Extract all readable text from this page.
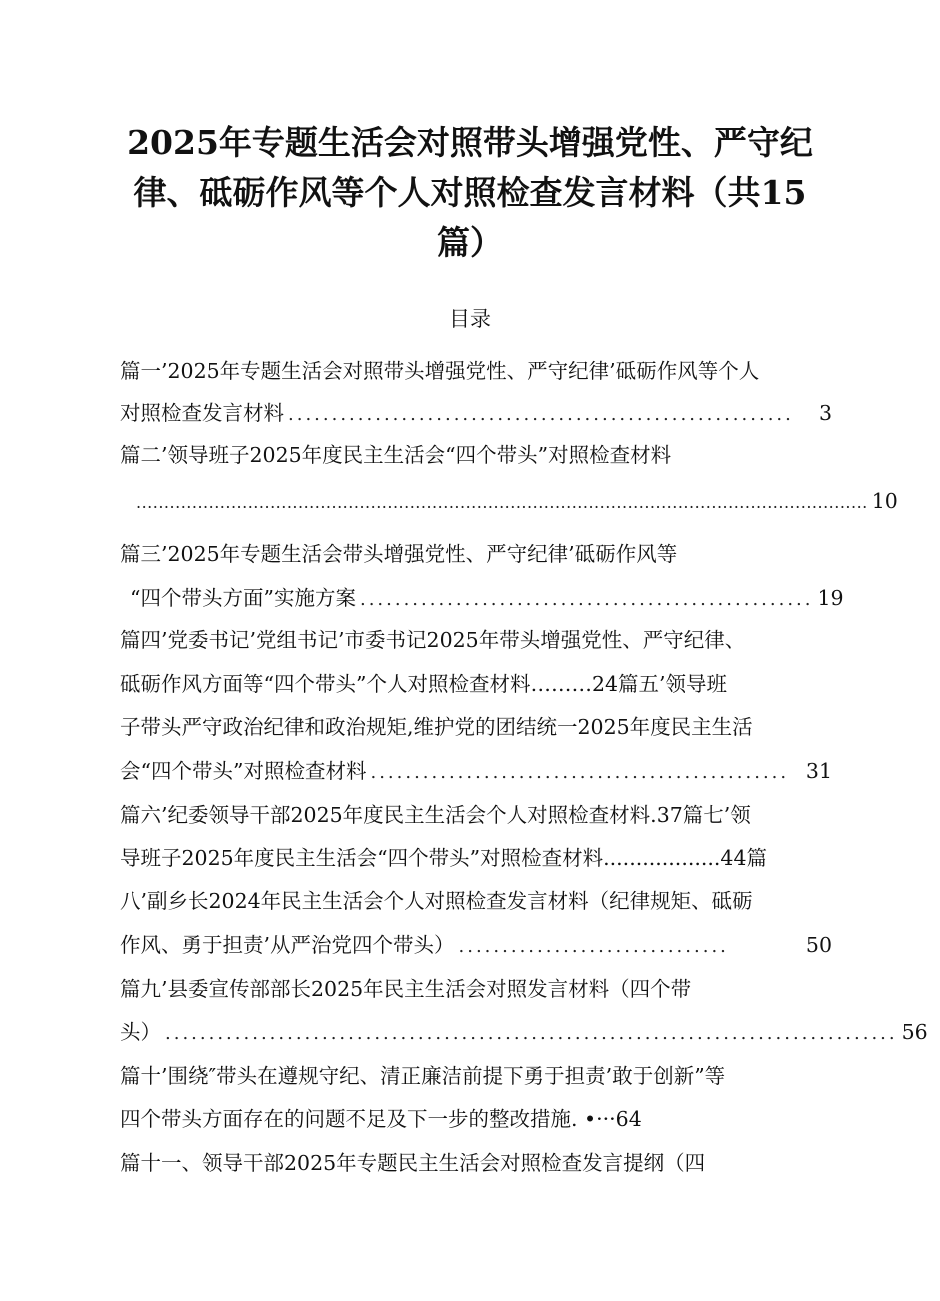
2025年专题生活会对照带头增强党性、严守纪
律、砥砺作风等个人对照检查发言材料（共15
篇）
目录
篇一’2025年专题生活会对照带头增强党性、严守纪律’砥砺作风等个人
对照检查发言材料 ..........................................................	3
篇二’领导班子2025年度民主生活会“四个带头”对照检查材料
................................................................................................................................... 10
篇三’2025年专题生活会带头增强党性、严守纪律’砥砺作风等
“四个带头方面”实施方案 .................................................... 19
篇四’党委书记’党组书记’市委书记2025年带头增强党性、严守纪律、
砥砺作风方面等“四个带头”个人对照检查材料………24篇五’领导班
子带头严守政治纪律和政治规矩,维护党的团结统一2025年度民主生活
会“四个带头”对照检查材料 ................................................ 31
篇六’纪委领导干部2025年度民主生活会个人对照检查材料.37篇七’领
导班子2025年度民主生活会“四个带头”对照检查材料..................44篇
八’副乡长2024年民主生活会个人对照检查发言材料（纪律规矩、砥砺
作风、勇于担责’从严治党四个带头） ...............................	50
篇九’县委宣传部部长2025年民主生活会对照发言材料（四个带
头） .................................................................................... 56
篇十’围绕″带头在遵规守纪、清正廉洁前提下勇于担责’敢于创新”等
四个带头方面存在的问题不足及下一步的整改措施. •···64
篇十一、领导干部2025年专题民主生活会对照检查发言提纲（四
